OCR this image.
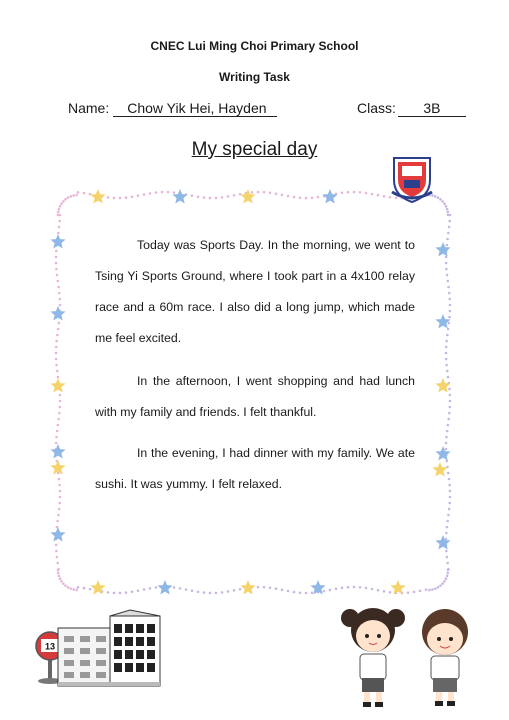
CNEC Lui Ming Choi Primary School
Writing Task
Name: Chow Yik Hei, Hayden	Class: 3B
My special day
Today was Sports Day. In the morning, we went to Tsing Yi Sports Ground, where I took part in a 4x100 relay race and a 60m race. I also did a long jump, which made me feel excited.
In the afternoon, I went shopping and had lunch with my family and friends. I felt thankful.
In the evening, I had dinner with my family. We ate sushi. It was yummy. I felt relaxed.
13
